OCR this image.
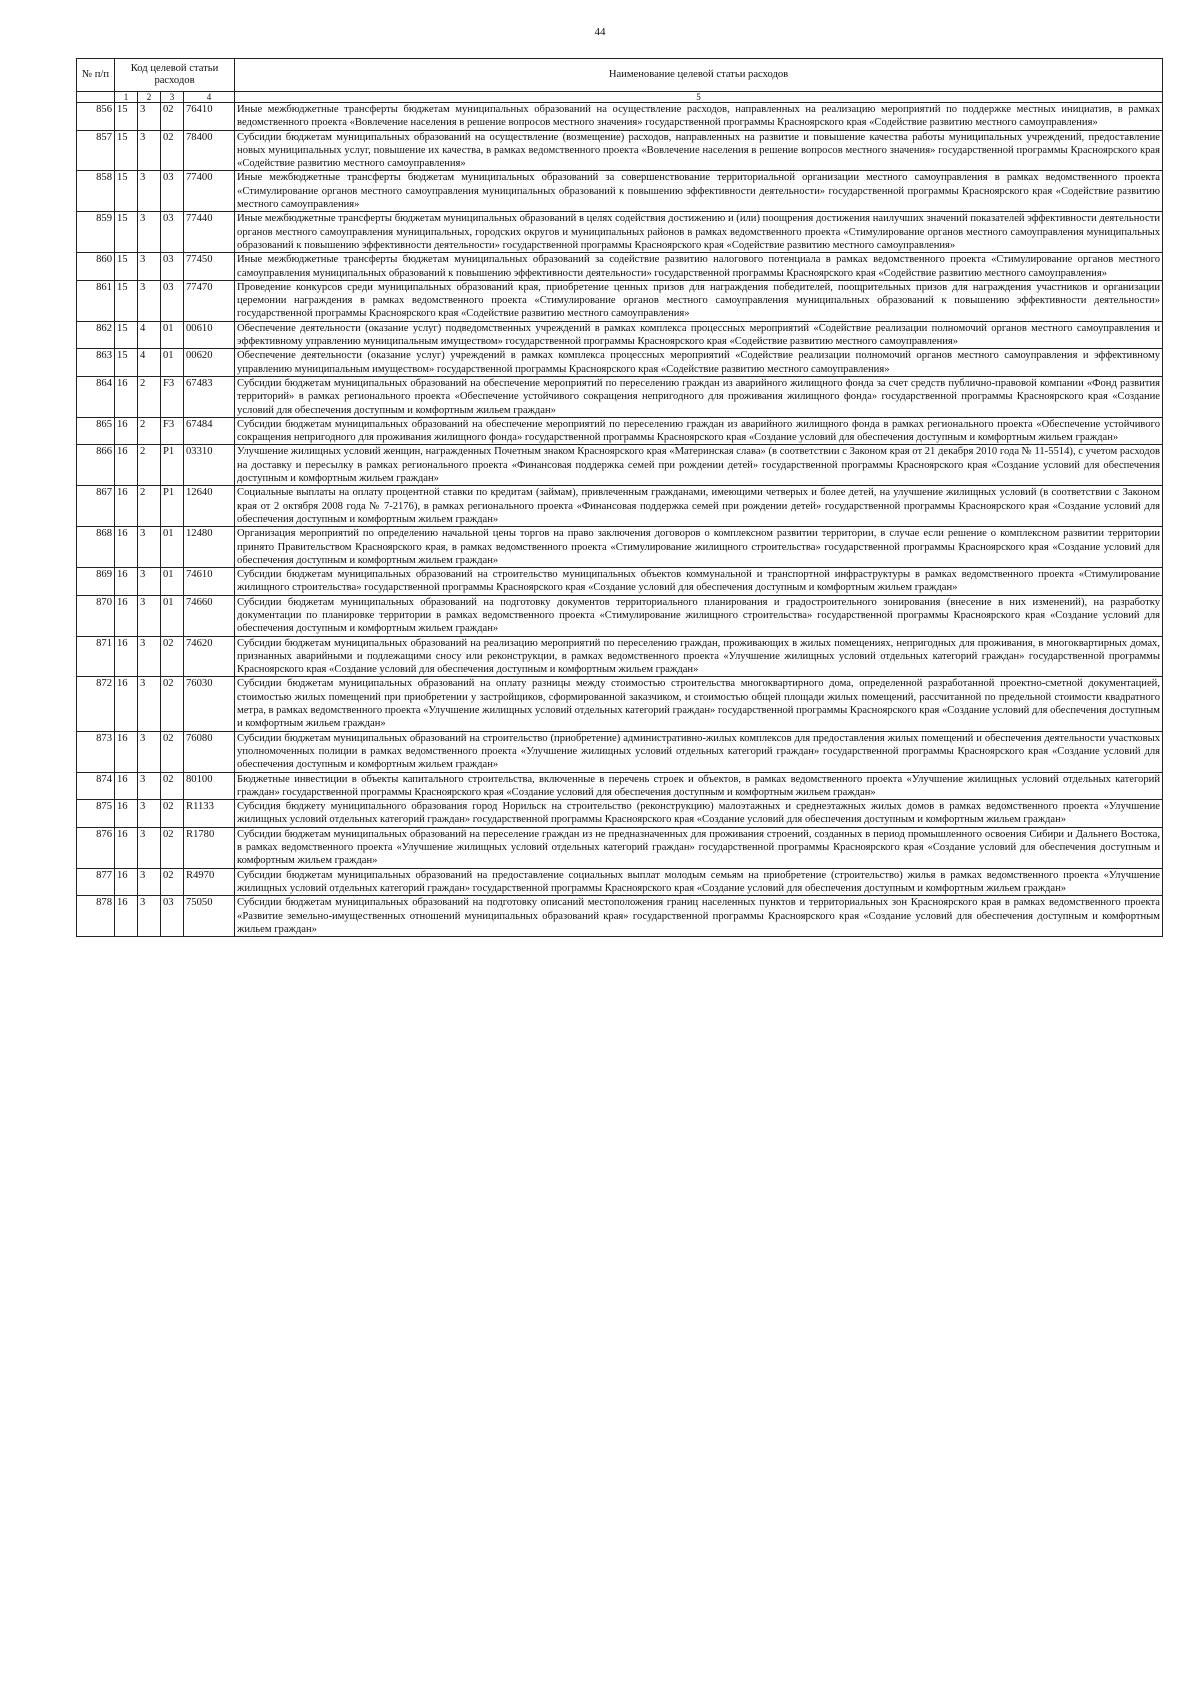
44
№ п/п	Код целевой статьи расходов				Наименование целевой статьи расходов
	1	2	3	4	5
856	15	3	02	76410	Иные межбюджетные трансферты бюджетам муниципальных образований на осуществление расходов, направленных на реализацию мероприятий по поддержке местных инициатив, в рамках ведомственного проекта «Вовлечение населения в решение вопросов местного значения» государственной программы Красноярского края «Содействие развитию местного самоуправления»
857	15	3	02	78400	Субсидии бюджетам муниципальных образований на осуществление (возмещение) расходов, направленных на развитие и повышение качества работы муниципальных учреждений, предоставление новых муниципальных услуг, повышение их качества, в рамках ведомственного проекта «Вовлечение населения в решение вопросов местного значения» государственной программы Красноярского края «Содействие развитию местного самоуправления»
858	15	3	03	77400	Иные межбюджетные трансферты бюджетам муниципальных образований за совершенствование территориальной организации местного самоуправления в рамках ведомственного проекта «Стимулирование органов местного самоуправления муниципальных образований к повышению эффективности деятельности» государственной программы Красноярского края «Содействие развитию местного самоуправления»
859	15	3	03	77440	Иные межбюджетные трансферты бюджетам муниципальных образований в целях содействия достижению и (или) поощрения достижения наилучших значений показателей эффективности деятельности органов местного самоуправления муниципальных, городских округов и муниципальных районов в рамках ведомственного проекта «Стимулирование органов местного самоуправления муниципальных образований к повышению эффективности деятельности» государственной программы Красноярского края «Содействие развитию местного самоуправления»
860	15	3	03	77450	Иные межбюджетные трансферты бюджетам муниципальных образований за содействие развитию налогового потенциала в рамках ведомственного проекта «Стимулирование органов местного самоуправления муниципальных образований к повышению эффективности деятельности» государственной программы Красноярского края «Содействие развитию местного самоуправления»
861	15	3	03	77470	Проведение конкурсов среди муниципальных образований края, приобретение ценных призов для награждения победителей, поощрительных призов для награждения участников и организации церемонии награждения в рамках ведомственного проекта «Стимулирование органов местного самоуправления муниципальных образований к повышению эффективности деятельности» государственной программы Красноярского края «Содействие развитию местного самоуправления»
862	15	4	01	00610	Обеспечение деятельности (оказание услуг) подведомственных учреждений в рамках комплекса процессных мероприятий «Содействие реализации полномочий органов местного самоуправления и эффективному управлению муниципальным имуществом» государственной программы Красноярского края «Содействие развитию местного самоуправления»
863	15	4	01	00620	Обеспечение деятельности (оказание услуг) учреждений в рамках комплекса процессных мероприятий «Содействие реализации полномочий органов местного самоуправления и эффективному управлению муниципальным имуществом» государственной программы Красноярского края «Содействие развитию местного самоуправления»
864	16	2	F3	67483	Субсидии бюджетам муниципальных образований на обеспечение мероприятий по переселению граждан из аварийного жилищного фонда за счет средств публично-правовой компании «Фонд развития территорий» в рамках регионального проекта «Обеспечение устойчивого сокращения непригодного для проживания жилищного фонда» государственной программы Красноярского края «Создание условий для обеспечения доступным и комфортным жильем граждан»
865	16	2	F3	67484	Субсидии бюджетам муниципальных образований на обеспечение мероприятий по переселению граждан из аварийного жилищного фонда в рамках регионального проекта «Обеспечение устойчивого сокращения непригодного для проживания жилищного фонда» государственной программы Красноярского края «Создание условий для обеспечения доступным и комфортным жильем граждан»
866	16	2	P1	03310	Улучшение жилищных условий женщин, награжденных Почетным знаком Красноярского края «Материнская слава» (в соответствии с Законом края от 21 декабря 2010 года № 11-5514), с учетом расходов на доставку и пересылку в рамках регионального проекта «Финансовая поддержка семей при рождении детей» государственной программы Красноярского края «Создание условий для обеспечения доступным и комфортным жильем граждан»
867	16	2	P1	12640	Социальные выплаты на оплату процентной ставки по кредитам (займам), привлеченным гражданами, имеющими четверых и более детей, на улучшение жилищных условий (в соответствии с Законом края от 2 октября 2008 года № 7-2176), в рамках регионального проекта «Финансовая поддержка семей при рождении детей» государственной программы Красноярского края «Создание условий для обеспечения доступным и комфортным жильем граждан»
868	16	3	01	12480	Организация мероприятий по определению начальной цены торгов на право заключения договоров о комплексном развитии территории, в случае если решение о комплексном развитии территории принято Правительством Красноярского края, в рамках ведомственного проекта «Стимулирование жилищного строительства» государственной программы Красноярского края «Создание условий для обеспечения доступным и комфортным жильем граждан»
869	16	3	01	74610	Субсидии бюджетам муниципальных образований на строительство муниципальных объектов коммунальной и транспортной инфраструктуры в рамках ведомственного проекта «Стимулирование жилищного строительства» государственной программы Красноярского края «Создание условий для обеспечения доступным и комфортным жильем граждан»
870	16	3	01	74660	Субсидии бюджетам муниципальных образований на подготовку документов территориального планирования и градостроительного зонирования (внесение в них изменений), на разработку документации по планировке территории в рамках ведомственного проекта «Стимулирование жилищного строительства» государственной программы Красноярского края «Создание условий для обеспечения доступным и комфортным жильем граждан»
871	16	3	02	74620	Субсидии бюджетам муниципальных образований на реализацию мероприятий по переселению граждан, проживающих в жилых помещениях, непригодных для проживания, в многоквартирных домах, признанных аварийными и подлежащими сносу или реконструкции, в рамках ведомственного проекта «Улучшение жилищных условий отдельных категорий граждан» государственной программы Красноярского края «Создание условий для обеспечения доступным и комфортным жильем граждан»
872	16	3	02	76030	Субсидии бюджетам муниципальных образований на оплату разницы между стоимостью строительства многоквартирного дома, определенной разработанной проектно-сметной документацией, стоимостью жилых помещений при приобретении у застройщиков, сформированной заказчиком, и стоимостью общей площади жилых помещений, рассчитанной по предельной стоимости квадратного метра, в рамках ведомственного проекта «Улучшение жилищных условий отдельных категорий граждан» государственной программы Красноярского края «Создание условий для обеспечения доступным и комфортным жильем граждан»
873	16	3	02	76080	Субсидии бюджетам муниципальных образований на строительство (приобретение) административно-жилых комплексов для предоставления жилых помещений и обеспечения деятельности участковых уполномоченных полиции в рамках ведомственного проекта «Улучшение жилищных условий отдельных категорий граждан» государственной программы Красноярского края «Создание условий для обеспечения доступным и комфортным жильем граждан»
874	16	3	02	80100	Бюджетные инвестиции в объекты капитального строительства, включенные в перечень строек и объектов, в рамках ведомственного проекта «Улучшение жилищных условий отдельных категорий граждан» государственной программы Красноярского края «Создание условий для обеспечения доступным и комфортным жильем граждан»
875	16	3	02	R1133	Субсидия бюджету муниципального образования город Норильск на строительство (реконструкцию) малоэтажных и среднеэтажных жилых домов в рамках ведомственного проекта «Улучшение жилищных условий отдельных категорий граждан» государственной программы Красноярского края «Создание условий для обеспечения доступным и комфортным жильем граждан»
876	16	3	02	R1780	Субсидии бюджетам муниципальных образований на переселение граждан из не предназначенных для проживания строений, созданных в период промышленного освоения Сибири и Дальнего Востока, в рамках ведомственного проекта «Улучшение жилищных условий отдельных категорий граждан» государственной программы Красноярского края «Создание условий для обеспечения доступным и комфортным жильем граждан»
877	16	3	02	R4970	Субсидии бюджетам муниципальных образований на предоставление социальных выплат молодым семьям на приобретение (строительство) жилья в рамках ведомственного проекта «Улучшение жилищных условий отдельных категорий граждан» государственной программы Красноярского края «Создание условий для обеспечения доступным и комфортным жильем граждан»
878	16	3	03	75050	Субсидии бюджетам муниципальных образований на подготовку описаний местоположения границ населенных пунктов и территориальных зон Красноярского края в рамках ведомственного проекта «Развитие земельно-имущественных отношений муниципальных образований края» государственной программы Красноярского края «Создание условий для обеспечения доступным и комфортным жильем граждан»
